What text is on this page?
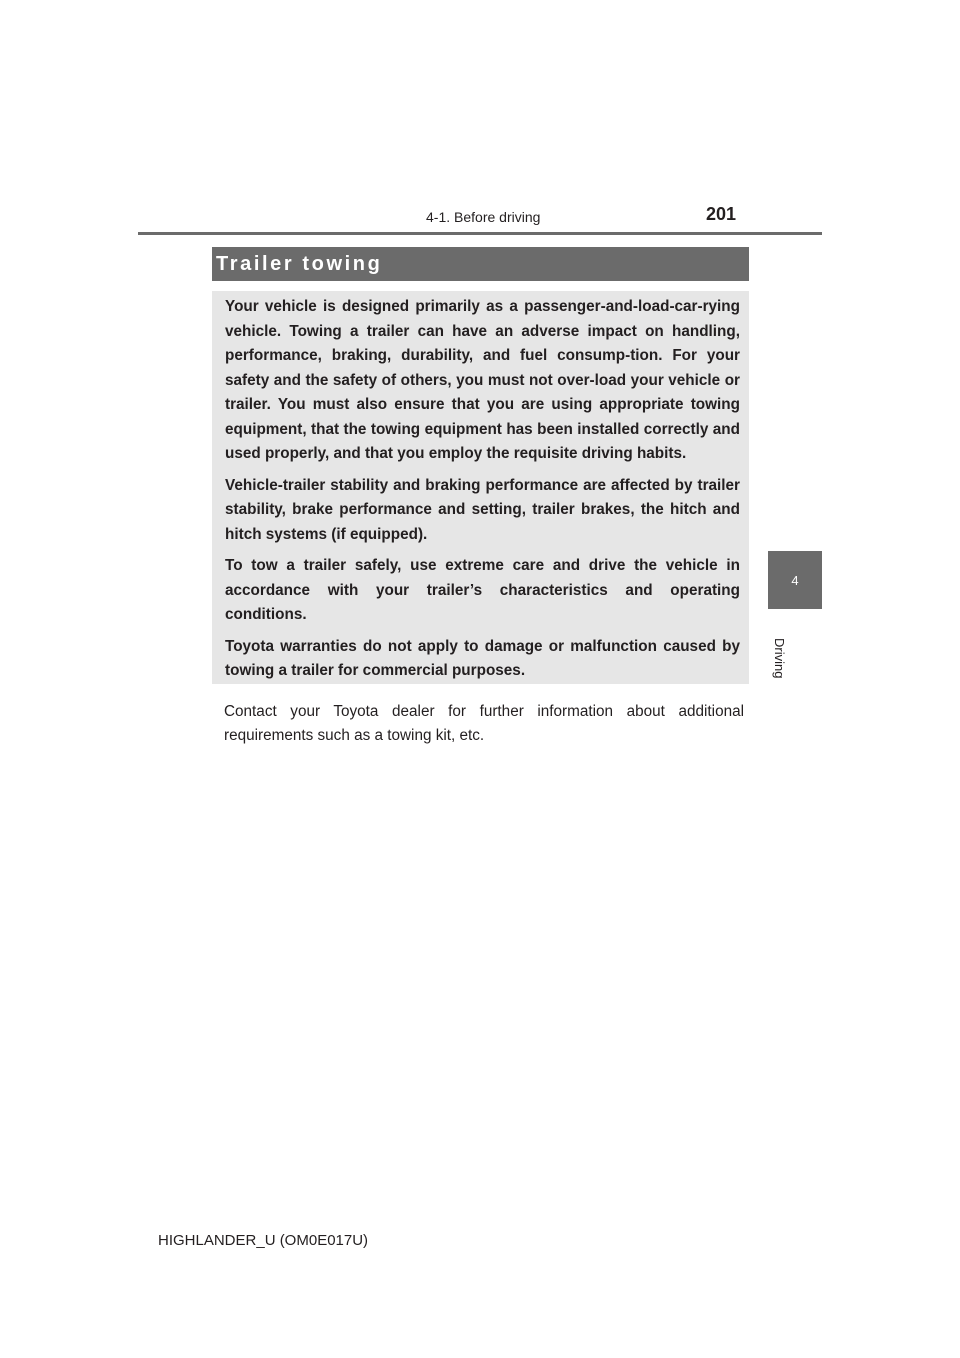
4-1. Before driving	201
4
Driving
Trailer towing

Your vehicle is designed primarily as a passenger-and-load-car-rying vehicle. Towing a trailer can have an adverse impact on handling, performance, braking, durability, and fuel consump-tion. For your safety and the safety of others, you must not over-load your vehicle or trailer. You must also ensure that you are using appropriate towing equipment, that the towing equipment has been installed correctly and used properly, and that you employ the requisite driving habits.

Vehicle-trailer stability and braking performance are affected by trailer stability, brake performance and setting, trailer brakes, the hitch and hitch systems (if equipped).

To tow a trailer safely, use extreme care and drive the vehicle in accordance with your trailer’s characteristics and operating conditions.

Toyota warranties do not apply to damage or malfunction caused by towing a trailer for commercial purposes.

Contact your Toyota dealer for further information about additional requirements such as a towing kit, etc.

HIGHLANDER_U (OM0E017U)
